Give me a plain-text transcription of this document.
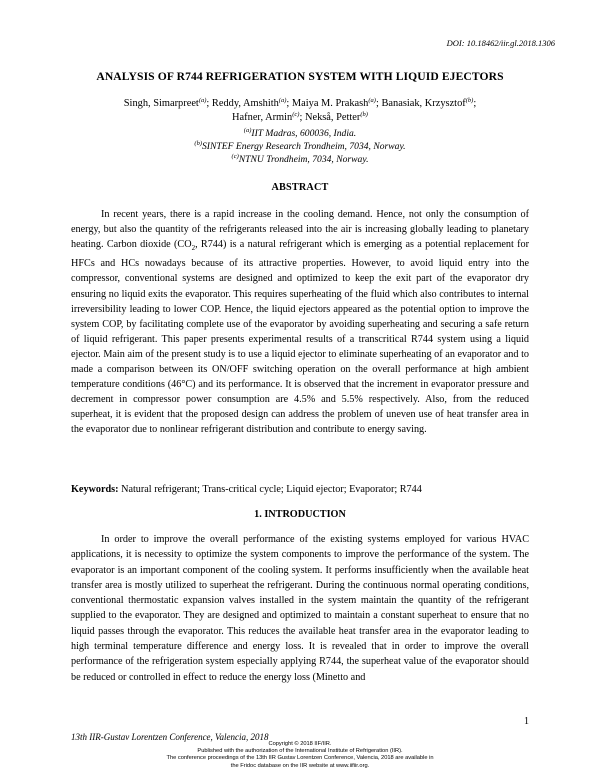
DOI: 10.18462/iir.gl.2018.1306
ANALYSIS OF R744 REFRIGERATION SYSTEM WITH LIQUID EJECTORS
Singh, Simarpreet$^{(a)}$; Reddy, Amshith$^{(a)}$; Maiya M. Prakash$^{(a)}$; Banasiak, Krzysztof$^{(b)}$;
Hafner, Armin$^{(c)}$; Nekså, Petter$^{(b)}$
$^{(a)}$IIT Madras, 600036, India.
$^{(b)}$SINTEF Energy Research Trondheim, 7034, Norway.
$^{(c)}$NTNU Trondheim, 7034, Norway.
ABSTRACT
In recent years, there is a rapid increase in the cooling demand. Hence, not only the consumption of energy, but also the quantity of the refrigerants released into the air is increasing globally leading to planetary heating. Carbon dioxide ($CO_2$, R744) is a natural refrigerant which is emerging as a potential replacement for HFCs and HCs nowadays because of its attractive properties. However, to avoid liquid entry into the compressor, conventional systems are designed and optimized to keep the exit part of the evaporator dry ensuring no liquid exits the evaporator. This requires superheating of the fluid which also contributes to internal irreversibility leading to lower COP. Hence, the liquid ejectors appeared as the potential option to improve the system COP, by facilitating complete use of the evaporator by avoiding superheating and securing a safe return of liquid refrigerant. This paper presents experimental results of a transcritical R744 system using a liquid ejector. Main aim of the present study is to use a liquid ejector to eliminate superheating of an evaporator and to made a comparison between its ON/OFF switching operation on the overall performance at high ambient temperature conditions (46°C) and its performance. It is observed that the increment in evaporator pressure and decrement in compressor power consumption are 4.5% and 5.5% respectively. Also, from the reduced superheat, it is evident that the proposed design can address the problem of uneven use of heat transfer area in the evaporator due to nonlinear refrigerant distribution and contribute to energy saving.
Keywords: Natural refrigerant; Trans-critical cycle; Liquid ejector; Evaporator; R744
1. INTRODUCTION
In order to improve the overall performance of the existing systems employed for various HVAC applications, it is necessity to optimize the system components to improve the performance of the system. The evaporator is an important component of the cooling system. It performs insufficiently when the available heat transfer area is mostly utilized to superheat the refrigerant. During the continuous normal operating conditions, conventional thermostatic expansion valves installed in the system maintain the quantity of the refrigerant supplied to the evaporator. They are designed and optimized to maintain a constant superheat to ensure that no liquid passes through the evaporator. This reduces the available heat transfer area in the evaporator leading to high terminal temperature difference and energy loss. It is revealed that in order to improve the overall performance of the refrigeration system especially applying R744, the superheat value of the evaporator should be reduced or controlled in effect to reduce the energy loss (Minetto and
1
13th IIR-Gustav Lorentzen Conference, Valencia, 2018
Copyright © 2018 IIF/IIR.
Published with the authorization of the International Institute of Refrigeration (IIR).
The conference proceedings of the 13th IIR Gustav Lorentzen Conference, Valencia, 2018 are available in
the Fridoc database on the IIR website at www.iifiir.org.
